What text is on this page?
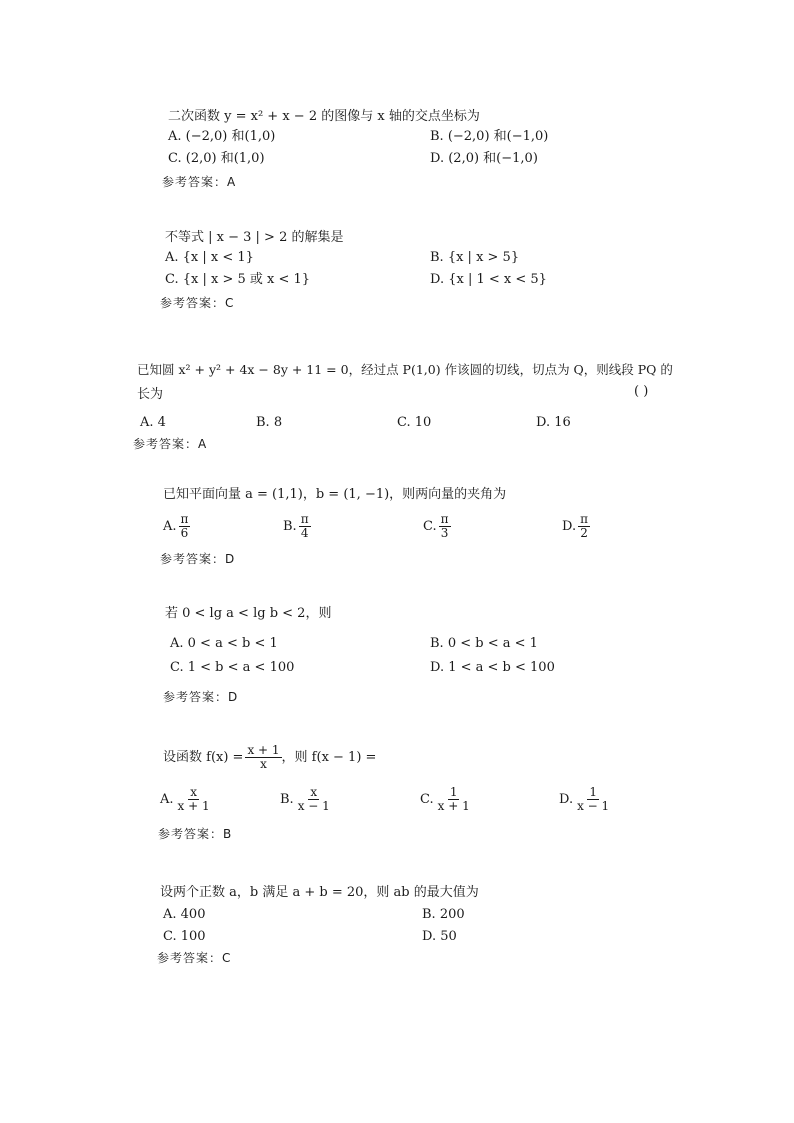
二次函数 y = x² + x − 2 的图像与 x 轴的交点坐标为
A. (−2,0) 和(1,0)	B. (−2,0) 和(−1,0)
C. (2,0) 和(1,0)	D. (2,0) 和(−1,0)
参考答案：A
不等式 | x − 3 | > 2 的解集是
A. {x | x < 1}	B. {x | x > 5}
C. {x | x > 5 或 x < 1}	D. {x | 1 < x < 5}
参考答案：C
已知圆 x² + y² + 4x − 8y + 11 = 0，经过点 P(1,0) 作该圆的切线，切点为 Q，则线段 PQ 的
长为	( )
A. 4	B. 8	C. 10	D. 16
参考答案：A
已知平面向量 a = (1,1)，b = (1, −1)，则两向量的夹角为
A. $\frac{\pi}{6}$	B. $\frac{\pi}{4}$	C. $\frac{\pi}{3}$	D. $\frac{\pi}{2}$
参考答案：D
若 0 < lg a < lg b < 2，则
A. 0 < a < b < 1	B. 0 < b < a < 1
C. 1 < b < a < 100	D. 1 < a < b < 100
参考答案：D
设函数 $f(x) = \frac{x + 1}{x}$ ，则 f(x − 1) =
A. $\frac{x}{x + 1}$	B. $\frac{x}{x - 1}$	C. $\frac{1}{x + 1}$	D. $\frac{1}{x - 1}$
参考答案：B
设两个正数 a，b 满足 a + b = 20，则 ab 的最大值为
A. 400	B. 200
C. 100	D. 50
参考答案：C
